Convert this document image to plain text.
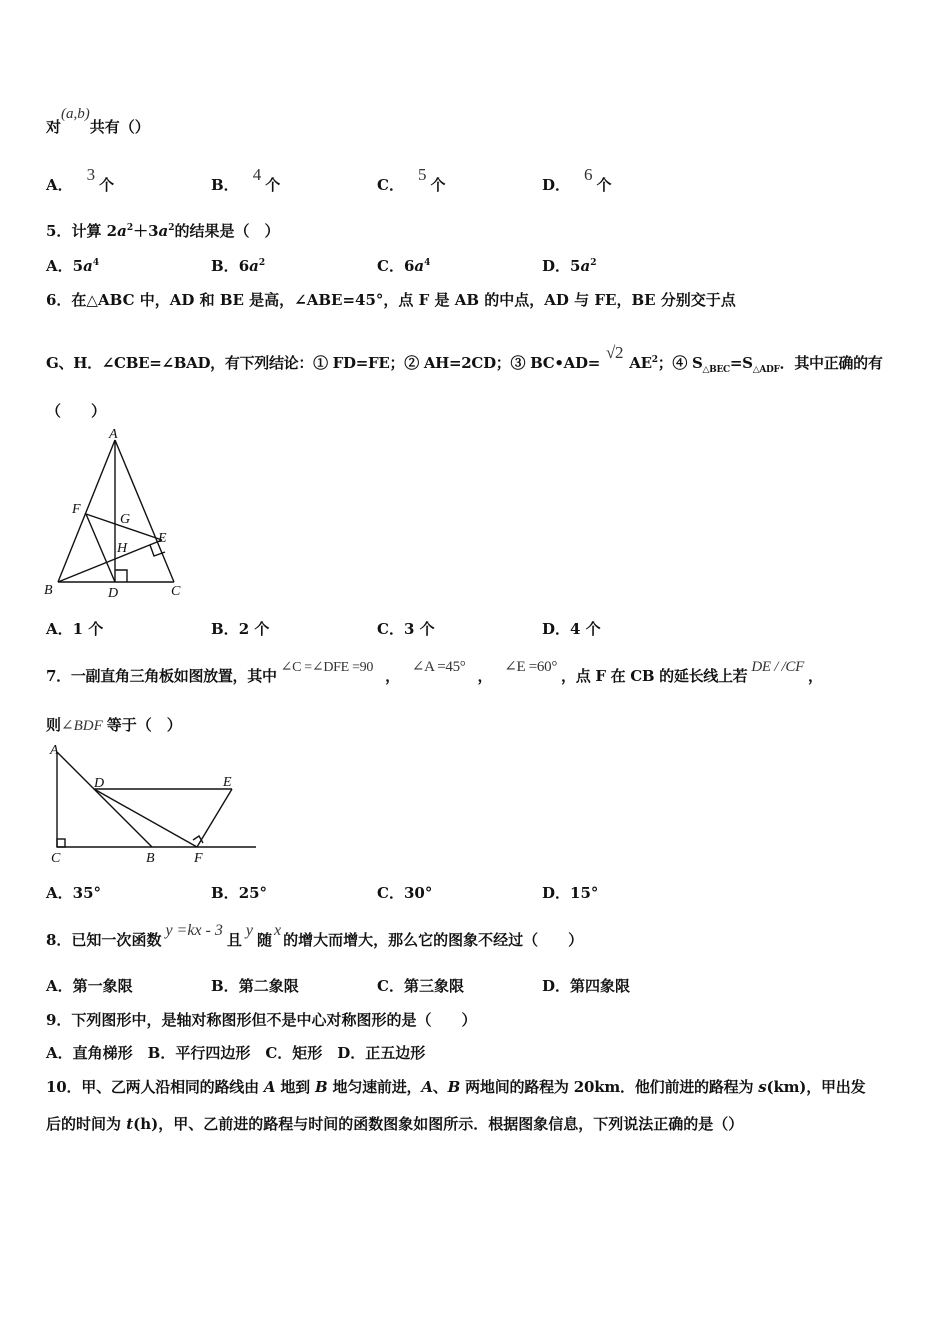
对(a,b)共有（）
A．3个	B．4个	C．5个	D．6个
5．计算 $2a^2+3a^2$的结果是（　）
A．$5a^4$	B．$6a^2$	C．$6a^4$	D．$5a^2$
6．在△ABC 中，AD 和 BE 是高，∠ABE=45°，点 F 是 AB 的中点，AD 与 FE，BE 分别交于点
G、H．∠CBE=∠BAD，有下列结论：① FD=FE；② AH=2CD；③ $BC•AD=√2AE^2$；④ $S_{\triangle BEC}=S_{\triangle ADF}$．其中正确的有
（　　）
A
B	C
D
E
F
G
H
A．1 个	B．2 个	C．3 个	D．4 个
7．一副直角三角板如图放置，其中 ∠C =∠DFE =90 ， ∠A =45° ， ∠E =60° ，点 F 在 CB 的延长线上若 DE / /CF ，
则∠BDF 等于（　）
A
D	E
C	B	F
A．35°	B．25°	C．30°	D．15°
8．已知一次函数y =kx - 3且y随x的增大而增大，那么它的图象不经过（　　）
A．第一象限	B．第二象限	C．第三象限	D．第四象限
9．下列图形中，是轴对称图形但不是中心对称图形的是（　　）
A．直角梯形　B．平行四边形　C．矩形　D．正五边形
10．甲、乙两人沿相同的路线由 A 地到 B 地匀速前进，A、B 两地间的路程为 20km．他们前进的路程为 s(km)，甲出发
后的时间为 t(h)，甲、乙前进的路程与时间的函数图象如图所示．根据图象信息，下列说法正确的是（）
